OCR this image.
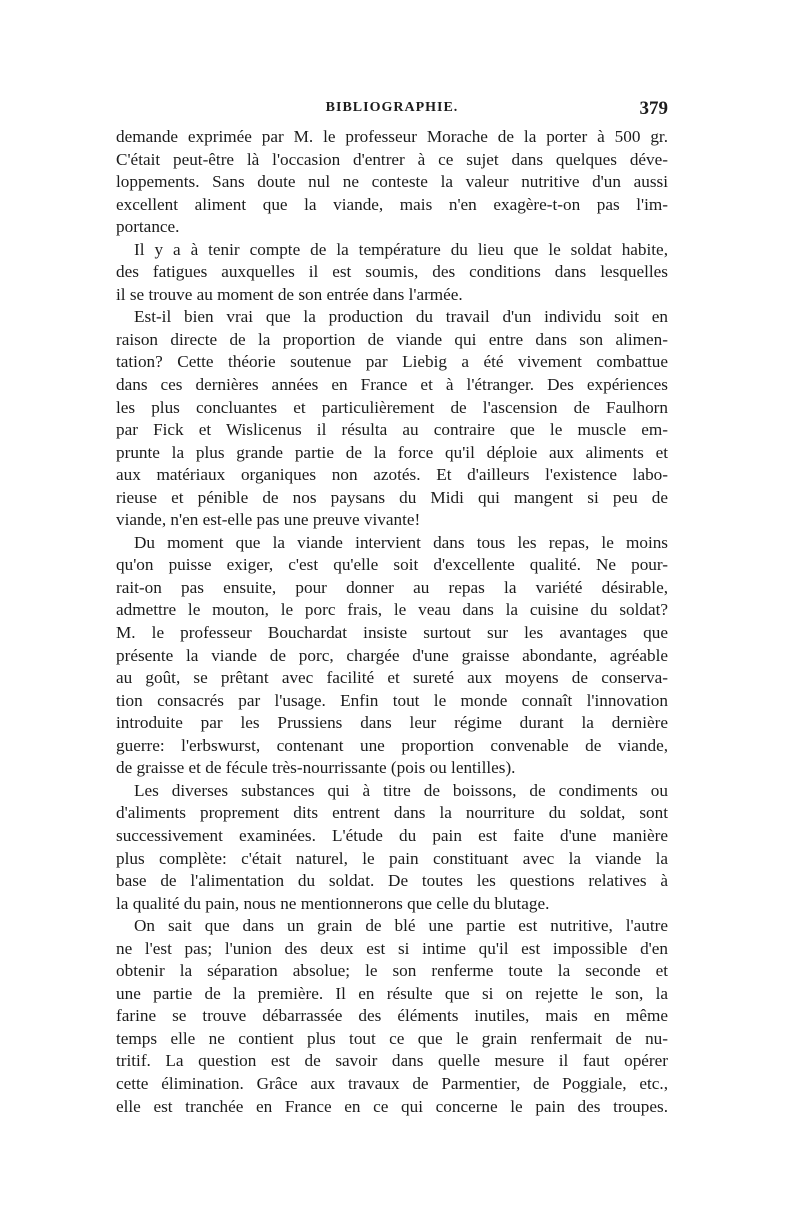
BIBLIOGRAPHIE.	379
demande exprimée par M. le professeur Morache de la porter à 500 gr.
C'était peut-être là l'occasion d'entrer à ce sujet dans quelques déve-
loppements. Sans doute nul ne conteste la valeur nutritive d'un aussi
excellent aliment que la viande, mais n'en exagère-t-on pas l'im-
portance.
Il y a à tenir compte de la température du lieu que le soldat habite,
des fatigues auxquelles il est soumis, des conditions dans lesquelles
il se trouve au moment de son entrée dans l'armée.
Est-il bien vrai que la production du travail d'un individu soit en
raison directe de la proportion de viande qui entre dans son alimen-
tation? Cette théorie soutenue par Liebig a été vivement combattue
dans ces dernières années en France et à l'étranger. Des expériences
les plus concluantes et particulièrement de l'ascension de Faulhorn
par Fick et Wislicenus il résulta au contraire que le muscle em-
prunte la plus grande partie de la force qu'il déploie aux aliments et
aux matériaux organiques non azotés. Et d'ailleurs l'existence labo-
rieuse et pénible de nos paysans du Midi qui mangent si peu de
viande, n'en est-elle pas une preuve vivante!
Du moment que la viande intervient dans tous les repas, le moins
qu'on puisse exiger, c'est qu'elle soit d'excellente qualité. Ne pour-
rait-on pas ensuite, pour donner au repas la variété désirable,
admettre le mouton, le porc frais, le veau dans la cuisine du soldat?
M. le professeur Bouchardat insiste surtout sur les avantages que
présente la viande de porc, chargée d'une graisse abondante, agréable
au goût, se prêtant avec facilité et sureté aux moyens de conserva-
tion consacrés par l'usage. Enfin tout le monde connaît l'innovation
introduite par les Prussiens dans leur régime durant la dernière
guerre: l'erbswurst, contenant une proportion convenable de viande,
de graisse et de fécule très-nourrissante (pois ou lentilles).
Les diverses substances qui à titre de boissons, de condiments ou
d'aliments proprement dits entrent dans la nourriture du soldat, sont
successivement examinées. L'étude du pain est faite d'une manière
plus complète: c'était naturel, le pain constituant avec la viande la
base de l'alimentation du soldat. De toutes les questions relatives à
la qualité du pain, nous ne mentionnerons que celle du blutage.
On sait que dans un grain de blé une partie est nutritive, l'autre
ne l'est pas; l'union des deux est si intime qu'il est impossible d'en
obtenir la séparation absolue; le son renferme toute la seconde et
une partie de la première. Il en résulte que si on rejette le son, la
farine se trouve débarrassée des éléments inutiles, mais en même
temps elle ne contient plus tout ce que le grain renfermait de nu-
tritif. La question est de savoir dans quelle mesure il faut opérer
cette élimination. Grâce aux travaux de Parmentier, de Poggiale, etc.,
elle est tranchée en France en ce qui concerne le pain des troupes.
